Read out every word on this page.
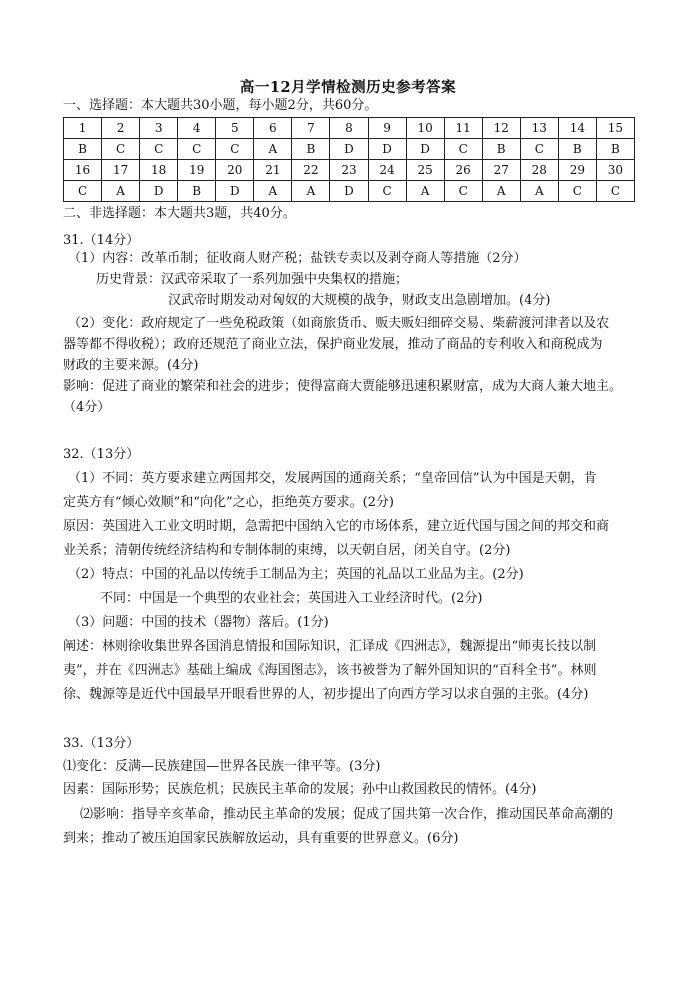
高一12月学情检测历史参考答案
一、选择题：本大题共30小题，每小题2分，共60分。
1	2	3	4	5	6	7	8	9	10	11	12	13	14	15
B	C	C	C	C	A	B	D	D	D	C	B	C	B	B
16	17	18	19	20	21	22	23	24	25	26	27	28	29	30
C	A	D	B	D	A	A	D	C	A	C	A	A	C	C
二、非选择题：本大题共3题，共40分。
31.（14分）
（1）内容：改革币制；征收商人财产税；盐铁专卖以及剥夺商人等措施（2分）
历史背景：汉武帝采取了一系列加强中央集权的措施；
汉武帝时期发动对匈奴的大规模的战争，财政支出急剧增加。(4分)
（2）变化：政府规定了一些免税政策（如商旅货币、贩夫贩妇细碎交易、柴薪渡河津者以及农
器等都不得收税）；政府还规范了商业立法，保护商业发展，推动了商品的专利收入和商税成为
财政的主要来源。(4分)
影响：促进了商业的繁荣和社会的进步；使得富商大贾能够迅速积累财富，成为大商人兼大地主。
（4分）
32.（13分）
（1）不同：英方要求建立两国邦交，发展两国的通商关系；“皇帝回信”认为中国是天朝，肯
定英方有“倾心效顺”和“向化”之心，拒绝英方要求。(2分)
原因：英国进入工业文明时期，急需把中国纳入它的市场体系，建立近代国与国之间的邦交和商
业关系；清朝传统经济结构和专制体制的束缚，以天朝自居，闭关自守。(2分)
（2）特点：中国的礼品以传统手工制品为主；英国的礼品以工业品为主。(2分)
不同：中国是一个典型的农业社会；英国进入工业经济时代。(2分)
（3）问题：中国的技术（器物）落后。(1分)
阐述：林则徐收集世界各国消息情报和国际知识，汇译成《四洲志》，魏源提出“师夷长技以制
夷”，并在《四洲志》基础上编成《海国图志》，该书被誉为了解外国知识的“百科全书”。林则
徐、魏源等是近代中国最早开眼看世界的人，初步提出了向西方学习以求自强的主张。(4分)
33.（13分）
⑴变化：反满—民族建国—世界各民族一律平等。(3分)
因素：国际形势；民族危机；民族民主革命的发展；孙中山救国救民的情怀。(4分)
⑵影响：指导辛亥革命，推动民主革命的发展；促成了国共第一次合作，推动国民革命高潮的
到来；推动了被压迫国家民族解放运动，具有重要的世界意义。(6分)
